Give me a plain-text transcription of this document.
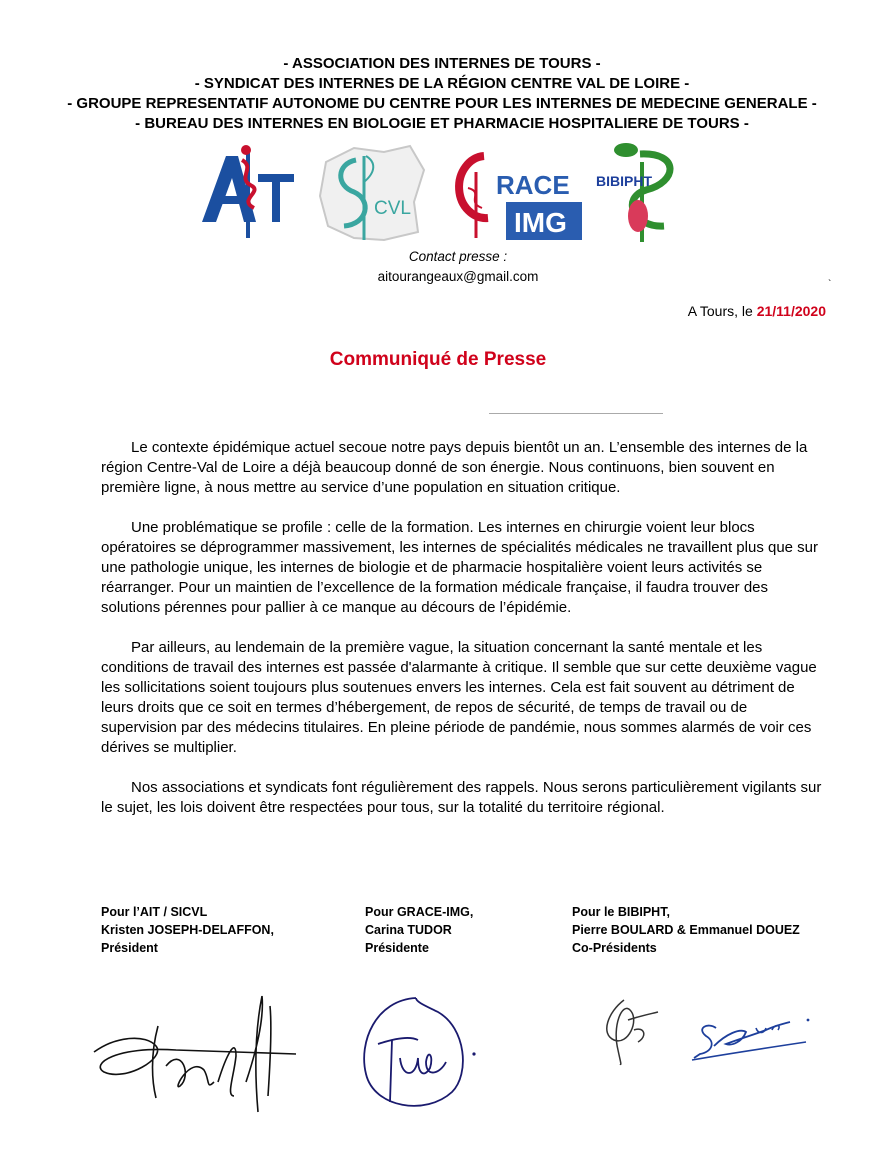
- ASSOCIATION DES INTERNES DE TOURS -
- SYNDICAT DES INTERNES DE LA RÉGION CENTRE VAL DE LOIRE -
- GROUPE REPRESENTATIF AUTONOME DU CENTRE POUR LES INTERNES DE MEDECINE GENERALE -
- BUREAU DES INTERNES EN BIOLOGIE ET PHARMACIE HOSPITALIERE DE TOURS -
AIT
CVL
RACE
IMG
BIBIPHT
Contact presse :
aitourangeaux@gmail.com
`
A Tours, le 21/11/2020
Communiqué de Presse

Le contexte épidémique actuel secoue notre pays depuis bientôt un an. L’ensemble des internes de la région Centre-Val de Loire a déjà beaucoup donné de son énergie. Nous continuons, bien souvent en première ligne, à nous mettre au service d’une population en situation critique.

Une problématique se profile : celle de la formation. Les internes en chirurgie voient leur blocs opératoires se déprogrammer massivement, les internes de spécialités médicales ne travaillent plus que sur une pathologie unique, les internes de biologie et de pharmacie hospitalière voient leurs activités se réarranger. Pour un maintien de l’excellence de la formation médicale française, il faudra trouver des solutions pérennes pour pallier à ce manque au décours de l’épidémie.

Par ailleurs, au lendemain de la première vague, la situation concernant la santé mentale et les conditions de travail des internes est passée d'alarmante à critique. Il semble que sur cette deuxième vague les sollicitations soient toujours plus soutenues envers les internes. Cela est fait souvent au détriment de leurs droits que ce soit en termes d’hébergement, de repos de sécurité, de temps de travail ou de supervision par des médecins titulaires. En pleine période de pandémie, nous sommes alarmés de voir ces dérives se multiplier.

Nos associations et syndicats font régulièrement des rappels. Nous serons particulièrement vigilants sur le sujet, les lois doivent être respectées pour tous, sur la totalité du territoire régional.

Pour l’AIT / SICVL
Kristen JOSEPH-DELAFFON,
Président
Pour GRACE-IMG,
Carina TUDOR
Présidente
Pour le BIBIPHT,
Pierre BOULARD & Emmanuel DOUEZ
Co-Présidents
